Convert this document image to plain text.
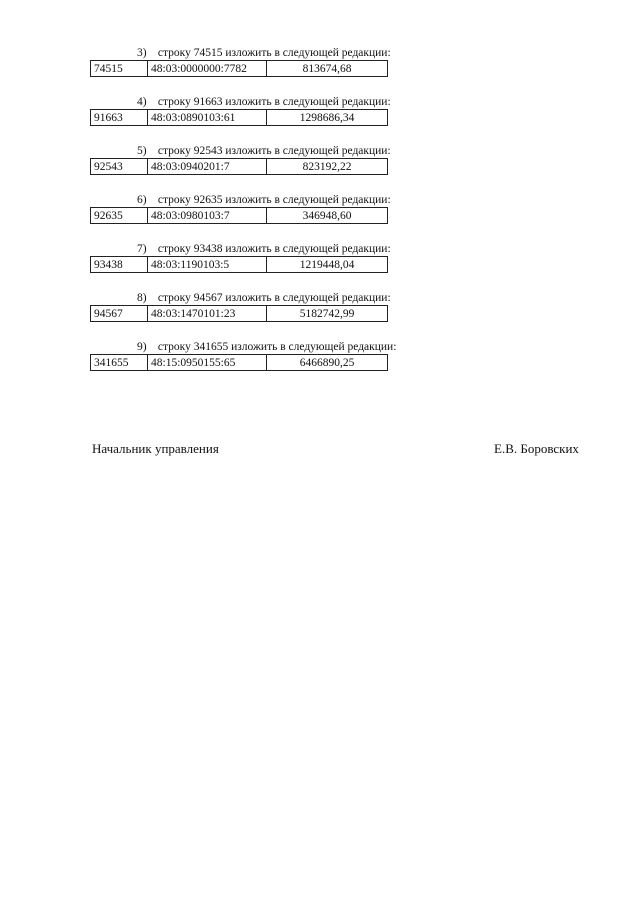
3) строку 74515 изложить в следующей редакции:
74515	48:03:0000000:7782	813674,68
4) строку 91663 изложить в следующей редакции:
91663	48:03:0890103:61	1298686,34
5) строку 92543 изложить в следующей редакции:
92543	48:03:0940201:7	823192,22
6) строку 92635 изложить в следующей редакции:
92635	48:03:0980103:7	346948,60
7) строку 93438 изложить в следующей редакции:
93438	48:03:1190103:5	1219448,04
8) строку 94567 изложить в следующей редакции:
94567	48:03:1470101:23	5182742,99
9) строку 341655 изложить в следующей редакции:
341655	48:15:0950155:65	6466890,25
Начальник управления	Е.В. Боровских
